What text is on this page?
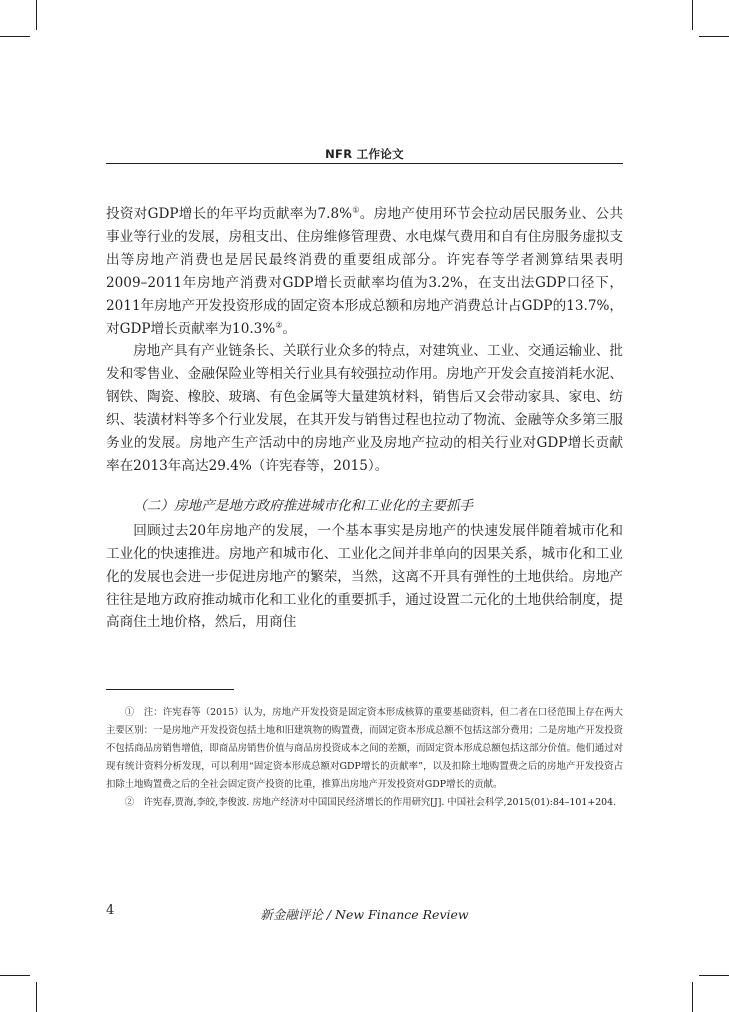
NFR 工作论文

投资对GDP增长的年平均贡献率为7.8%①。房地产使用环节会拉动居民服务业、公共事业等行业的发展，房租支出、住房维修管理费、水电煤气费用和自有住房服务虚拟支出等房地产消费也是居民最终消费的重要组成部分。许宪春等学者测算结果表明2009–2011年房地产消费对GDP增长贡献率均值为3.2%，在支出法GDP口径下，2011年房地产开发投资形成的固定资本形成总额和房地产消费总计占GDP的13.7%，对GDP增长贡献率为10.3%②。

房地产具有产业链条长、关联行业众多的特点，对建筑业、工业、交通运输业、批发和零售业、金融保险业等相关行业具有较强拉动作用。房地产开发会直接消耗水泥、钢铁、陶瓷、橡胶、玻璃、有色金属等大量建筑材料，销售后又会带动家具、家电、纺织、装潢材料等多个行业发展，在其开发与销售过程也拉动了物流、金融等众多第三服务业的发展。房地产生产活动中的房地产业及房地产拉动的相关行业对GDP增长贡献率在2013年高达29.4%（许宪春等，2015）。

（二）房地产是地方政府推进城市化和工业化的主要抓手

回顾过去20年房地产的发展，一个基本事实是房地产的快速发展伴随着城市化和工业化的快速推进。房地产和城市化、工业化之间并非单向的因果关系，城市化和工业化的发展也会进一步促进房地产的繁荣，当然，这离不开具有弹性的土地供给。房地产往往是地方政府推动城市化和工业化的重要抓手，通过设置二元化的土地供给制度，提高商住土地价格，然后，用商住

①　注：许宪春等（2015）认为，房地产开发投资是固定资本形成核算的重要基础资料，但二者在口径范围上存在两大主要区别：一是房地产开发投资包括土地和旧建筑物的购置费，而固定资本形成总额不包括这部分费用；二是房地产开发投资不包括商品房销售增值，即商品房销售价值与商品房投资成本之间的差额，而固定资本形成总额包括这部分价值。他们通过对现有统计资料分析发现，可以利用“固定资本形成总额对GDP增长的贡献率”，以及扣除土地购置费之后的房地产开发投资占扣除土地购置费之后的全社会固定资产投资的比重，推算出房地产开发投资对GDP增长的贡献。

②　许宪春,贾海,李皎,李俊波. 房地产经济对中国国民经济增长的作用研究[J]. 中国社会科学,2015(01):84–101+204.

4	新金融评论 / New Finance Review
